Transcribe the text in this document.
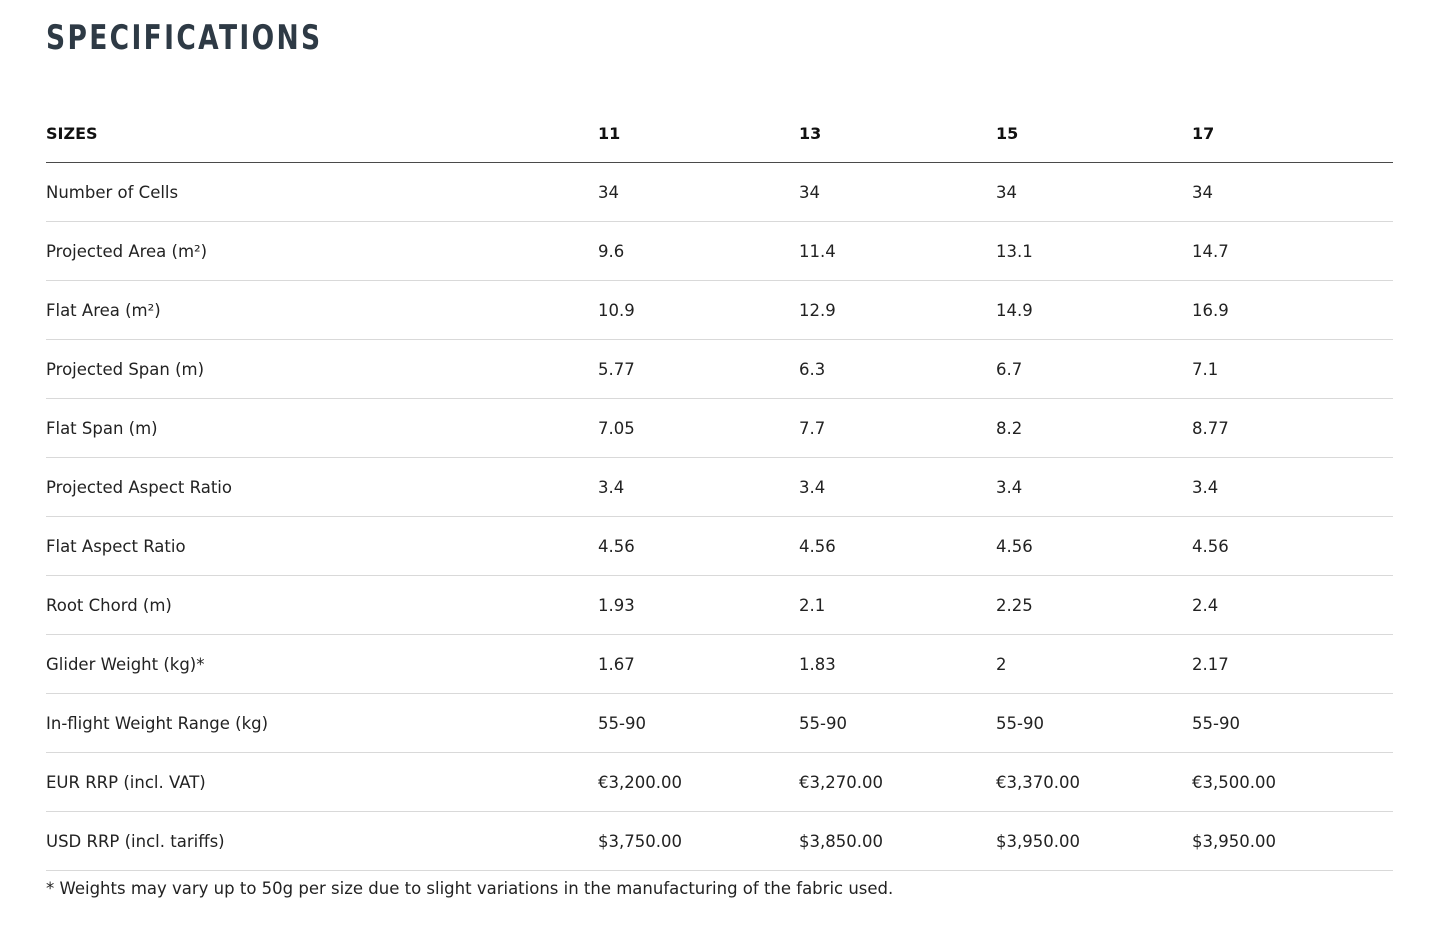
SPECIFICATIONS
SIZES	11	13	15	17
Number of Cells	34	34	34	34
Projected Area (m²)	9.6	11.4	13.1	14.7
Flat Area (m²)	10.9	12.9	14.9	16.9
Projected Span (m)	5.77	6.3	6.7	7.1
Flat Span (m)	7.05	7.7	8.2	8.77
Projected Aspect Ratio	3.4	3.4	3.4	3.4
Flat Aspect Ratio	4.56	4.56	4.56	4.56
Root Chord (m)	1.93	2.1	2.25	2.4
Glider Weight (kg)*	1.67	1.83	2	2.17
In-flight Weight Range (kg)	55-90	55-90	55-90	55-90
EUR RRP (incl. VAT)	€3,200.00	€3,270.00	€3,370.00	€3,500.00
USD RRP (incl. tariffs)	$3,750.00	$3,850.00	$3,950.00	$3,950.00

* Weights may vary up to 50g per size due to slight variations in the manufacturing of the fabric used.
